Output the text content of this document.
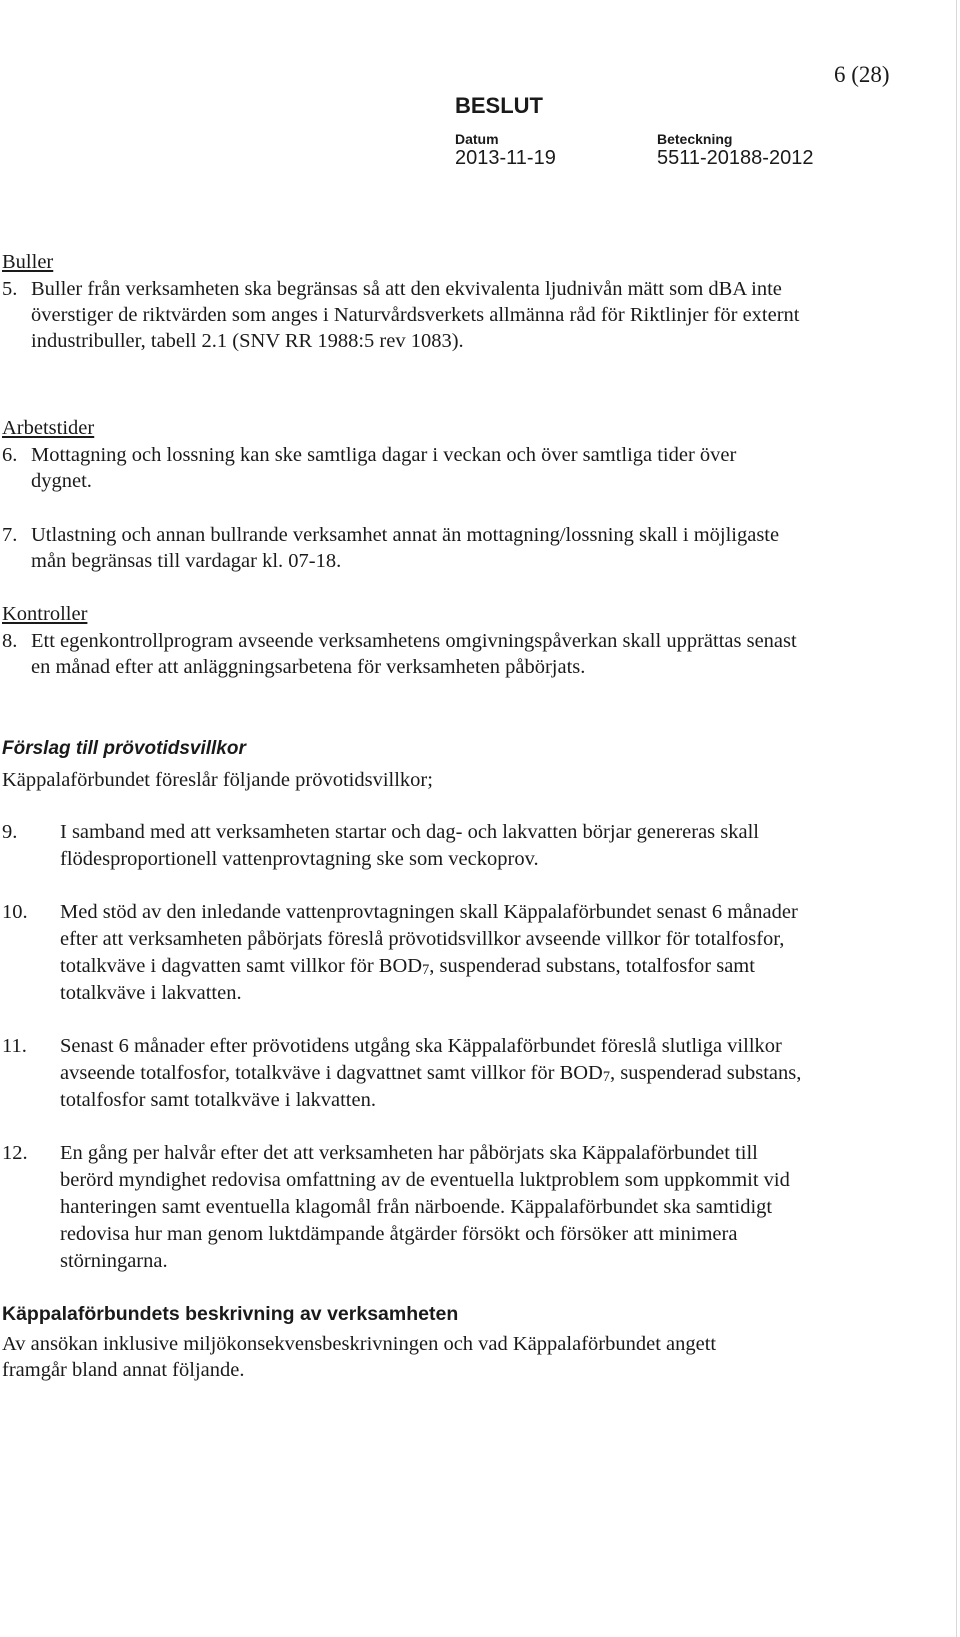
6 (28)
BESLUT
Datum
2013-11-19
Beteckning
5511-20188-2012
Buller
5. Buller från verksamheten ska begränsas så att den ekvivalenta ljudnivån mätt som dBA inte överstiger de riktvärden som anges i Naturvårdsverkets allmänna råd för Riktlinjer för externt industribuller, tabell 2.1 (SNV RR 1988:5 rev 1083).
Arbetstider
6. Mottagning och lossning kan ske samtliga dagar i veckan och över samtliga tider över dygnet.
7. Utlastning och annan bullrande verksamhet annat än mottagning/lossning skall i möjligaste mån begränsas till vardagar kl. 07-18.
Kontroller
8. Ett egenkontrollprogram avseende verksamhetens omgivningspåverkan skall upprättas senast en månad efter att anläggningsarbetena för verksamheten påbörjats.
Förslag till prövotidsvillkor
Käppalaförbundet föreslår följande prövotidsvillkor;
9. I samband med att verksamheten startar och dag- och lakvatten börjar genereras skall flödesproportionell vattenprovtagning ske som veckoprov.
10. Med stöd av den inledande vattenprovtagningen skall Käppalaförbundet senast 6 månader efter att verksamheten påbörjats föreslå prövotidsvillkor avseende villkor för totalfosfor, totalkväve i dagvatten samt villkor för $BOD_7$, suspenderad substans, totalfosfor samt totalkväve i lakvatten.
11. Senast 6 månader efter prövotidens utgång ska Käppalaförbundet föreslå slutliga villkor avseende totalfosfor, totalkväve i dagvattnet samt villkor för $BOD_7$, suspenderad substans, totalfosfor samt totalkväve i lakvatten.
12. En gång per halvår efter det att verksamheten har påbörjats ska Käppalaförbundet till berörd myndighet redovisa omfattning av de eventuella luktproblem som uppkommit vid hanteringen samt eventuella klagomål från närboende. Käppalaförbundet ska samtidigt redovisa hur man genom luktdämpande åtgärder försökt och försöker att minimera störningarna.
Käppalaförbundets beskrivning av verksamheten
Av ansökan inklusive miljökonsekvensbeskrivningen och vad Käppalaförbundet angett framgår bland annat följande.
